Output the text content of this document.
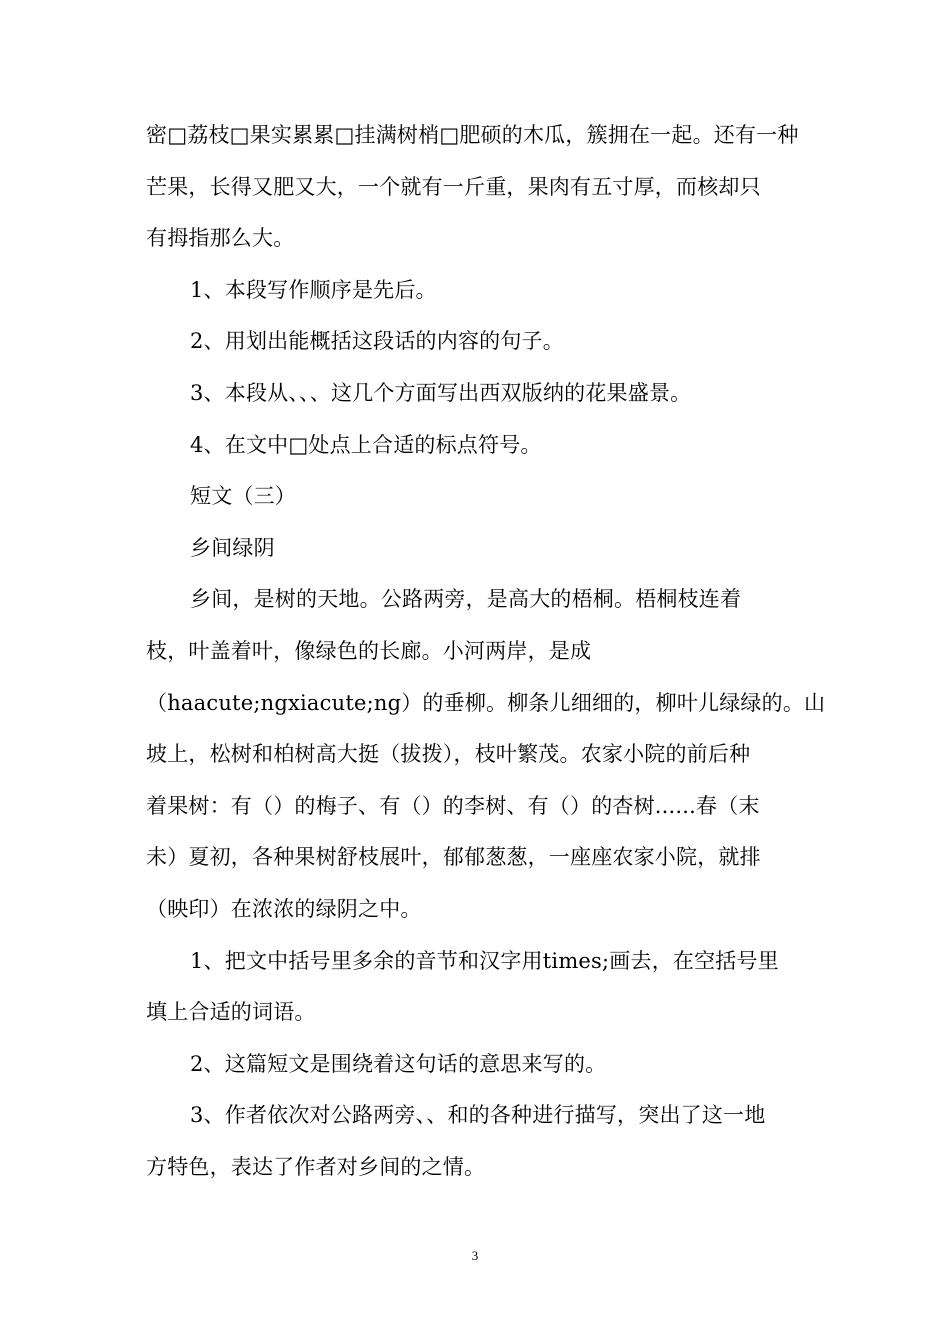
密□荔枝□果实累累□挂满树梢□肥硕的木瓜，簇拥在一起。还有一种
芒果，长得又肥又大，一个就有一斤重，果肉有五寸厚，而核却只
有拇指那么大。
1、本段写作顺序是先后。
2、用划出能概括这段话的内容的句子。
3、本段从、、、这几个方面写出西双版纳的花果盛景。
4、在文中□处点上合适的标点符号。
短文（三）
乡间绿阴
乡间，是树的天地。公路两旁，是高大的梧桐。梧桐枝连着
枝，叶盖着叶，像绿色的长廊。小河两岸，是成
（haacute;ngxiacute;ng）的垂柳。柳条儿细细的，柳叶儿绿绿的。山
坡上，松树和柏树高大挺（拔拨），枝叶繁茂。农家小院的前后种
着果树：有（）的梅子、有（）的李树、有（）的杏树......春（末
未）夏初，各种果树舒枝展叶，郁郁葱葱，一座座农家小院，就排
（映印）在浓浓的绿阴之中。
1、把文中括号里多余的音节和汉字用times;画去，在空括号里
填上合适的词语。
2、这篇短文是围绕着这句话的意思来写的。
3、作者依次对公路两旁、、和的各种进行描写，突出了这一地
方特色，表达了作者对乡间的之情。
3
